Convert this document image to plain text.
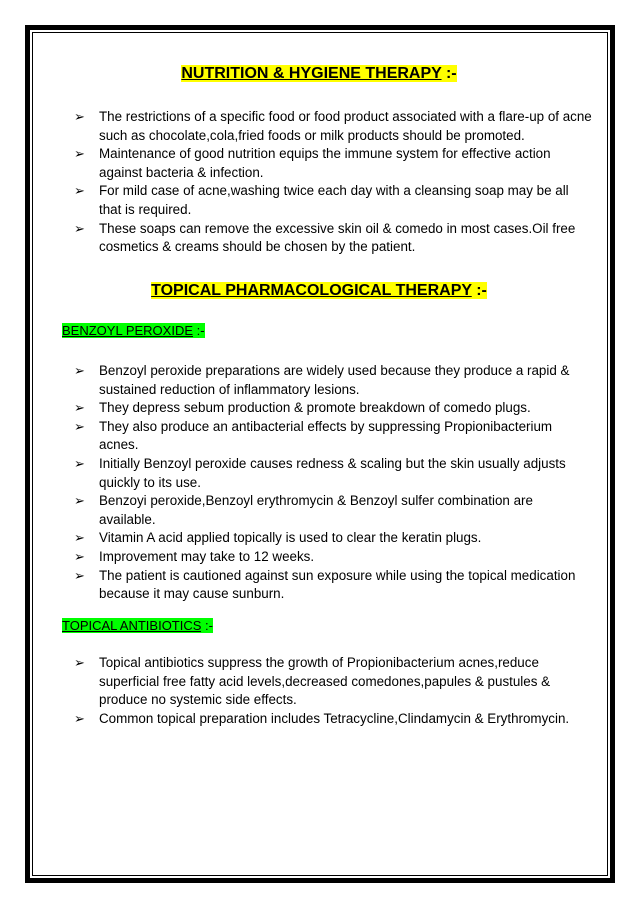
NUTRITION & HYGIENE THERAPY :-
➢ The restrictions of a specific food or food product associated with a flare-up of acne such as chocolate,cola,fried foods or milk products should be promoted.
➢ Maintenance of good nutrition equips the immune system for effective action against bacteria & infection.
➢ For mild case of acne,washing twice each day with a cleansing soap may be all that is required.
➢ These soaps can remove the excessive skin oil & comedo in most cases.Oil free cosmetics & creams should be chosen by the patient.
TOPICAL PHARMACOLOGICAL THERAPY :-
BENZOYL PEROXIDE :-
➢ Benzoyl peroxide preparations are widely used because they produce a rapid & sustained reduction of inflammatory lesions.
➢ They depress sebum production & promote breakdown of comedo plugs.
➢ They also produce an antibacterial effects by suppressing Propionibacterium acnes.
➢ Initially Benzoyl peroxide causes redness & scaling but the skin usually adjusts quickly to its use.
➢ Benzoyi peroxide,Benzoyl erythromycin & Benzoyl sulfer combination are available.
➢ Vitamin A acid applied topically is used to clear the keratin plugs.
➢ Improvement may take to 12 weeks.
➢ The patient is cautioned against sun exposure while using the topical medication because it may cause sunburn.
TOPICAL ANTIBIOTICS :-
➢ Topical antibiotics suppress the growth of Propionibacterium acnes,reduce superficial free fatty acid levels,decreased comedones,papules & pustules & produce no systemic side effects.
➢ Common topical preparation includes Tetracycline,Clindamycin & Erythromycin.
